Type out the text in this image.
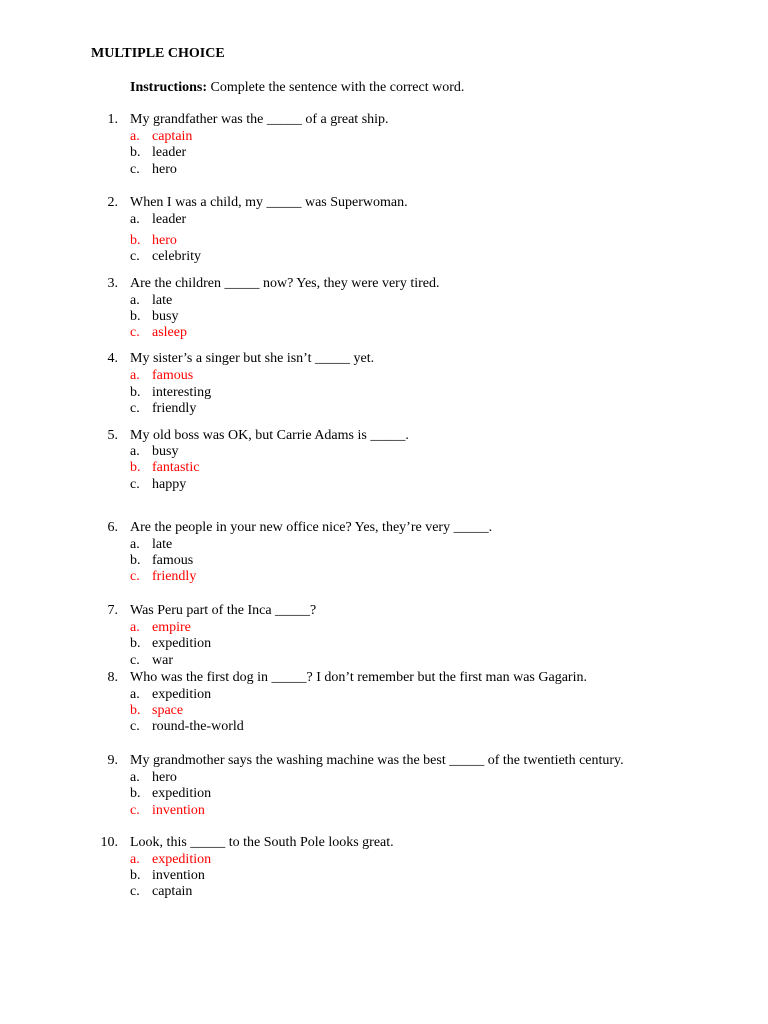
MULTIPLE CHOICE
Instructions: Complete the sentence with the correct word.
1. My grandfather was the _____ of a great ship.
a. captain
b. leader
c. hero
2. When I was a child, my _____ was Superwoman.
a. leader
b. hero
c. celebrity
3. Are the children _____ now? Yes, they were very tired.
a. late
b. busy
c. asleep
4. My sister’s a singer but she isn’t _____ yet.
a. famous
b. interesting
c. friendly
5. My old boss was OK, but Carrie Adams is _____.
a. busy
b. fantastic
c. happy
6. Are the people in your new office nice? Yes, they’re very _____.
a. late
b. famous
c. friendly
7. Was Peru part of the Inca _____?
a. empire
b. expedition
c. war
8. Who was the first dog in _____? I don’t remember but the first man was Gagarin.
a. expedition
b. space
c. round-the-world
9. My grandmother says the washing machine was the best _____ of the twentieth century.
a. hero
b. expedition
c. invention
10. Look, this _____ to the South Pole looks great.
a. expedition
b. invention
c. captain
